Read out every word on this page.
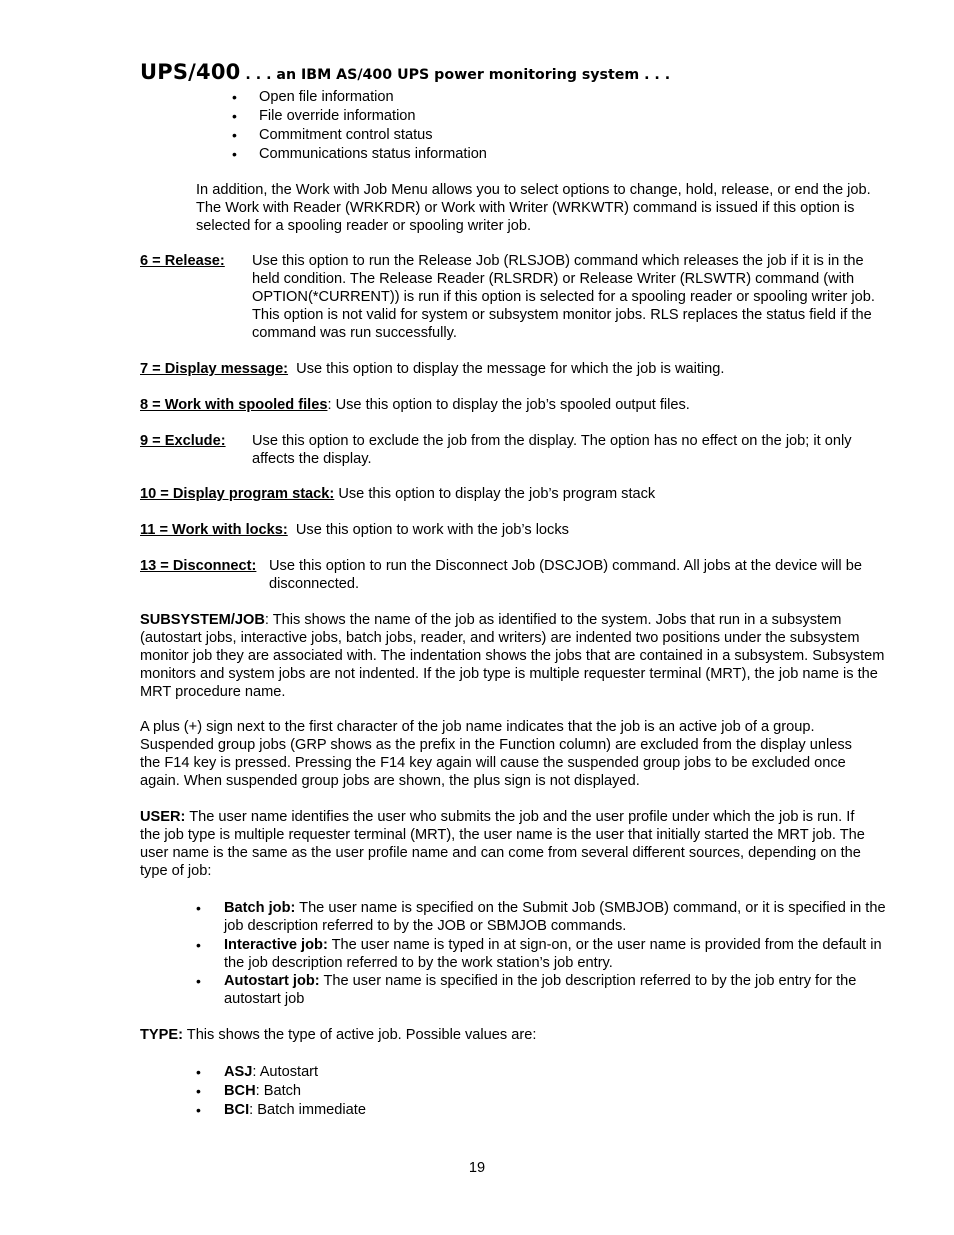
UPS/400 . . . an IBM AS/400 UPS power monitoring system . . .
• Open file information
• File override information
• Commitment control status
• Communications status information
In addition, the Work with Job Menu allows you to select options to change, hold, release, or end the job. The Work with Reader (WRKRDR) or Work with Writer (WRKWTR) command is issued if this option is selected for a spooling reader or spooling writer job.
6 = Release: Use this option to run the Release Job (RLSJOB) command which releases the job if it is in the held condition. The Release Reader (RLSRDR) or Release Writer (RLSWTR) command (with OPTION(*CURRENT)) is run if this option is selected for a spooling reader or spooling writer job. This option is not valid for system or subsystem monitor jobs. RLS replaces the status field if the command was run successfully.
7 = Display message: Use this option to display the message for which the job is waiting.
8 = Work with spooled files: Use this option to display the job’s spooled output files.
9 = Exclude: Use this option to exclude the job from the display. The option has no effect on the job; it only affects the display.
10 = Display program stack: Use this option to display the job’s program stack
11 = Work with locks: Use this option to work with the job’s locks
13 = Disconnect: Use this option to run the Disconnect Job (DSCJOB) command. All jobs at the device will be disconnected.
SUBSYSTEM/JOB: This shows the name of the job as identified to the system. Jobs that run in a subsystem (autostart jobs, interactive jobs, batch jobs, reader, and writers) are indented two positions under the subsystem monitor job they are associated with. The indentation shows the jobs that are contained in a subsystem. Subsystem monitors and system jobs are not indented. If the job type is multiple requester terminal (MRT), the job name is the MRT procedure name.
A plus (+) sign next to the first character of the job name indicates that the job is an active job of a group. Suspended group jobs (GRP shows as the prefix in the Function column) are excluded from the display unless the F14 key is pressed. Pressing the F14 key again will cause the suspended group jobs to be excluded once again. When suspended group jobs are shown, the plus sign is not displayed.
USER: The user name identifies the user who submits the job and the user profile under which the job is run. If the job type is multiple requester terminal (MRT), the user name is the user that initially started the MRT job. The user name is the same as the user profile name and can come from several different sources, depending on the type of job:
• Batch job: The user name is specified on the Submit Job (SMBJOB) command, or it is specified in the job description referred to by the JOB or SBMJOB commands.
• Interactive job: The user name is typed in at sign-on, or the user name is provided from the default in the job description referred to by the work station’s job entry.
• Autostart job: The user name is specified in the job description referred to by the job entry for the autostart job
TYPE: This shows the type of active job. Possible values are:
• ASJ: Autostart
• BCH: Batch
• BCI: Batch immediate
19
